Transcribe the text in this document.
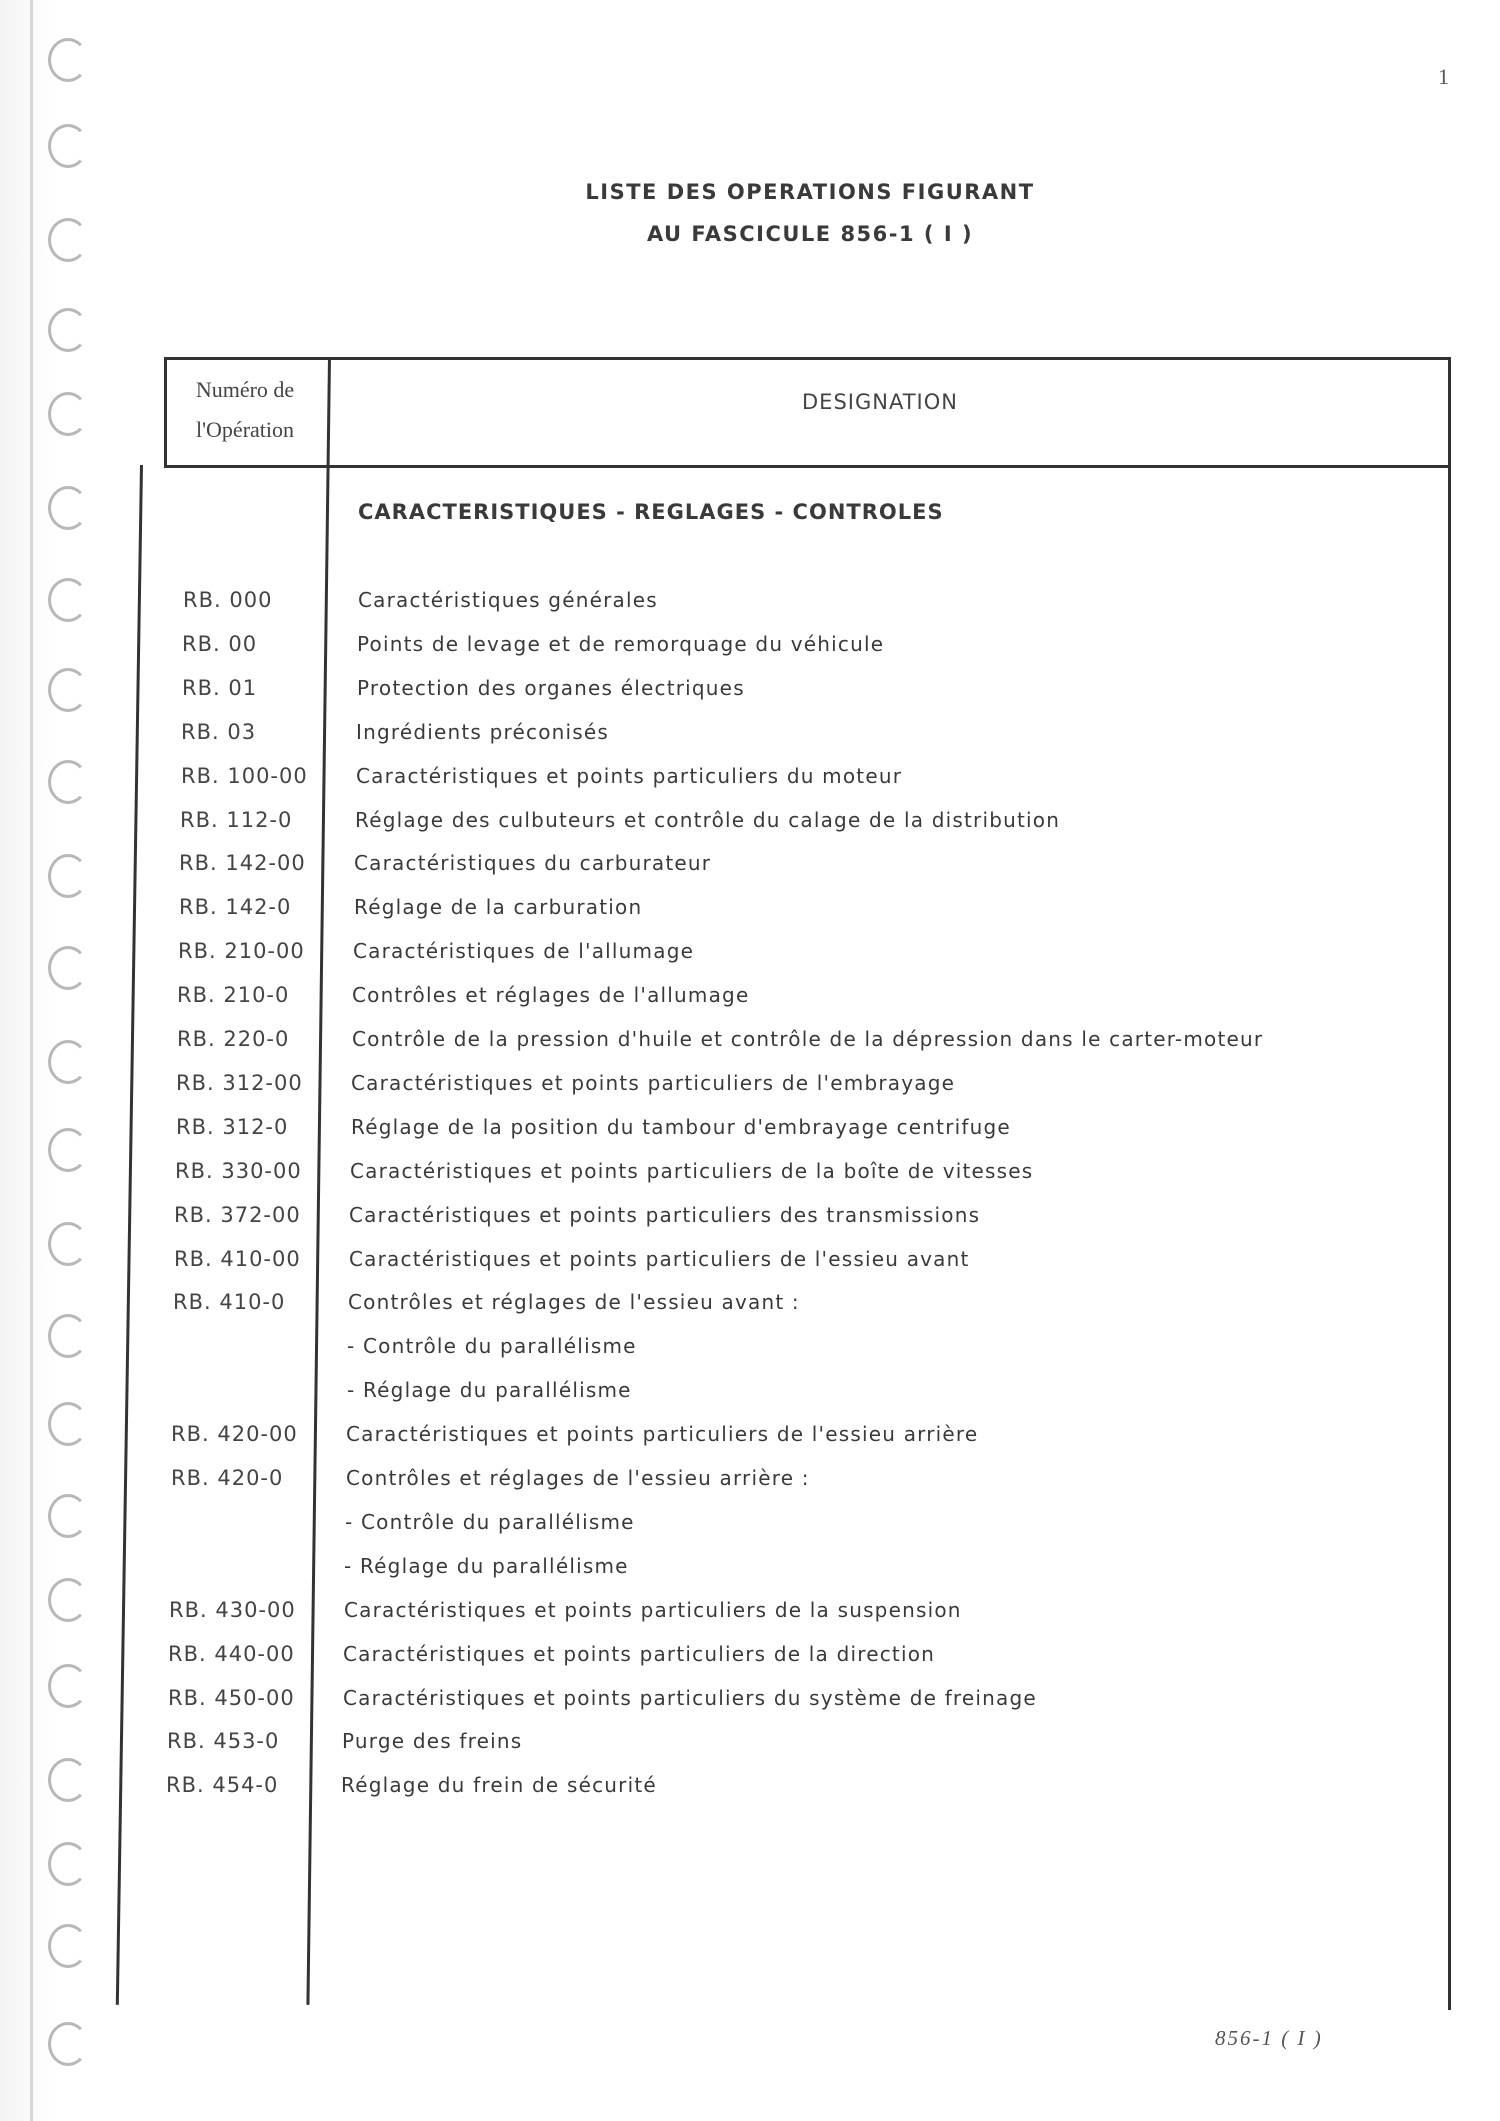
1
LISTE DES OPERATIONS FIGURANT
AU FASCICULE 856-1 ( I )
Numéro de
l'Opération
DESIGNATION
CARACTERISTIQUES - REGLAGES - CONTROLES
RB. 000	Caractéristiques générales
RB. 00	Points de levage et de remorquage du véhicule
RB. 01	Protection des organes électriques
RB. 03	Ingrédients préconisés
RB. 100-00 Caractéristiques et points particuliers du moteur
RB. 112-0	Réglage des culbuteurs et contrôle du calage de la distribution
RB. 142-00 Caractéristiques du carburateur
RB. 142-0	Réglage de la carburation
RB. 210-00 Caractéristiques de l'allumage
RB. 210-0	Contrôles et réglages de l'allumage
RB. 220-0	Contrôle de la pression d'huile et contrôle de la dépression dans le carter-moteur
RB. 312-00 Caractéristiques et points particuliers de l'embrayage
RB. 312-0	Réglage de la position du tambour d'embrayage centrifuge
RB. 330-00 Caractéristiques et points particuliers de la boîte de vitesses
RB. 372-00 Caractéristiques et points particuliers des transmissions
RB. 410-00 Caractéristiques et points particuliers de l'essieu avant
RB. 410-0	Contrôles et réglages de l'essieu avant :
- Contrôle du parallélisme
- Réglage du parallélisme
RB. 420-00 Caractéristiques et points particuliers de l'essieu arrière
RB. 420-0	Contrôles et réglages de l'essieu arrière :
- Contrôle du parallélisme
- Réglage du parallélisme
RB. 430-00 Caractéristiques et points particuliers de la suspension
RB. 440-00 Caractéristiques et points particuliers de la direction
RB. 450-00 Caractéristiques et points particuliers du système de freinage
RB. 453-0	Purge des freins
RB. 454-0	Réglage du frein de sécurité
856-1 ( I )
